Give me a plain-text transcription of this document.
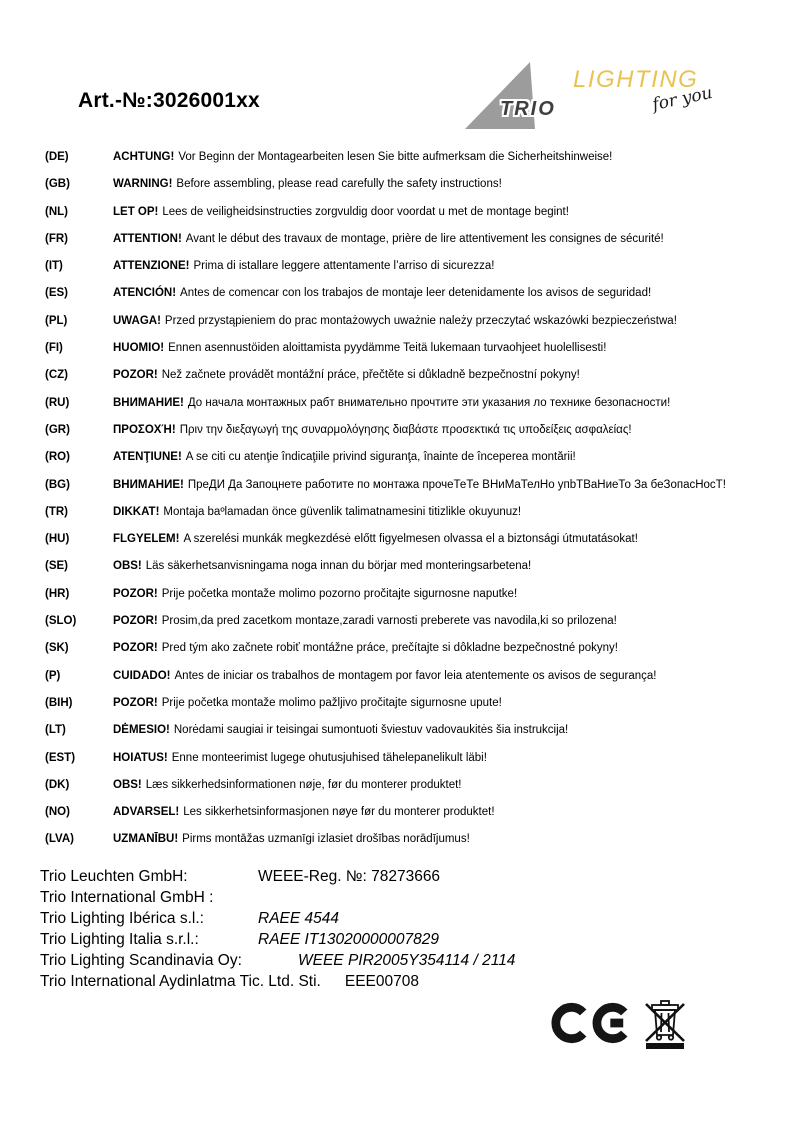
Art.-№:3026001xx	TRIO
LIGHTING
for you
(DE)	ACHTUNG! Vor Beginn der Montagearbeiten lesen Sie bitte aufmerksam die Sicherheitshinweise!
(GB)	WARNING! Before assembling, please read carefully the safety instructions!
(NL)	LET OP! Lees de veiligheidsinstructies zorgvuldig door voordat u met de montage begint!
(FR)	ATTENTION! Avant le début des travaux de montage, prière de lire attentivement les consignes de sécurité!
(IT)	ATTENZIONE! Prima di istallare leggere attentamente l’arriso di sicurezza!
(ES)	ATENCIÓN! Antes de comencar con los trabajos de montaje leer detenidamente los avisos de seguridad!
(PL)	UWAGA! Przed przystąpieniem do prac montażowych uważnie należy przeczytać wskazówki bezpieczeństwa!
(FI)	HUOMIO! Ennen asennustöiden aloittamista pyydämme Teitä lukemaan turvaohjeet huolellisesti!
(CZ)	POZOR! Než začnete provádět montážní práce, přečtěte si důkladně bezpečnostní pokyny!
(RU)	ВНИМАНИЕ! До начала монтажных рабт внимательно прочтите эти указания ло технике безопасности!
(GR)	ΠΡΟΣΟΧΉ! Πριν την διεξαγωγή της συναρμολόγησης διαβάστε προσεκτικά τις υποδείξεις ασφαλείας!
(RO)	ATENŢIUNE! A se citi cu atenţie îndicaţiile privind siguranţa, înainte de începerea montării!
(BG)	ВНИМАНИЕ! ПреДИ Да Запоцнете работите по монтажа прочеТеТе ВНиМаТелНо упbТВаНиеТо За беЗопасНосТ!
(TR)	DIKKAT! Montaja baºlamadan önce güvenlik talimatnamesini titizlikle okuyunuz!
(HU)	FLGYELEM! A szerelési munkák megkezdésė előtt figyelmesen olvassa el a biztonsági útmutatásokat!
(SE)	OBS! Läs säkerhetsanvisningama noga innan du börjar med monteringsarbetena!
(HR)	POZOR! Prije početka montaže molimo pozorno pročitajte sigurnosne naputke!
(SLO)	POZOR! Prosim,da pred zacetkom montaze,zaradi varnosti preberete vas navodila,ki so prilozena!
(SK)	POZOR! Pred tým ako začnete robiť montážne práce, prečítajte si dôkladne bezpečnostné pokyny!
(P)	CUIDADO! Antes de iniciar os trabalhos de montagem por favor leia atentemente os avisos de segurança!
(BIH)	POZOR! Prije početka montaže molimo pažljivo pročitajte sigurnosne upute!
(LT)	DĖMESIO! Norėdami saugiai ir teisingai sumontuoti šviestuv vadovaukitės šia instrukcija!
(EST)	HOIATUS! Enne monteerimist lugege ohutusjuhised tähelepanelikult läbi!
(DK)	OBS! Læs sikkerhedsinformationen nøje, før du monterer produktet!
(NO)	ADVARSEL! Les sikkerhetsinformasjonen nøye før du monterer produktet!
(LVA)	UZMANĪBU! Pirms montāžas uzmanīgi izlasiet drošības norādījumus!
Trio Leuchten GmbH:	WEEE-Reg. №: 78273666
Trio International GmbH :
Trio Lighting Ibérica s.l.:	RAEE 4544
Trio Lighting Italia s.r.l.:	RAEE IT13020000007829
Trio Lighting Scandinavia Oy:	WEEE PIR2005Y354114 / 2114
Trio International Aydinlatma Tic. Ltd. Sti. EEE00708
